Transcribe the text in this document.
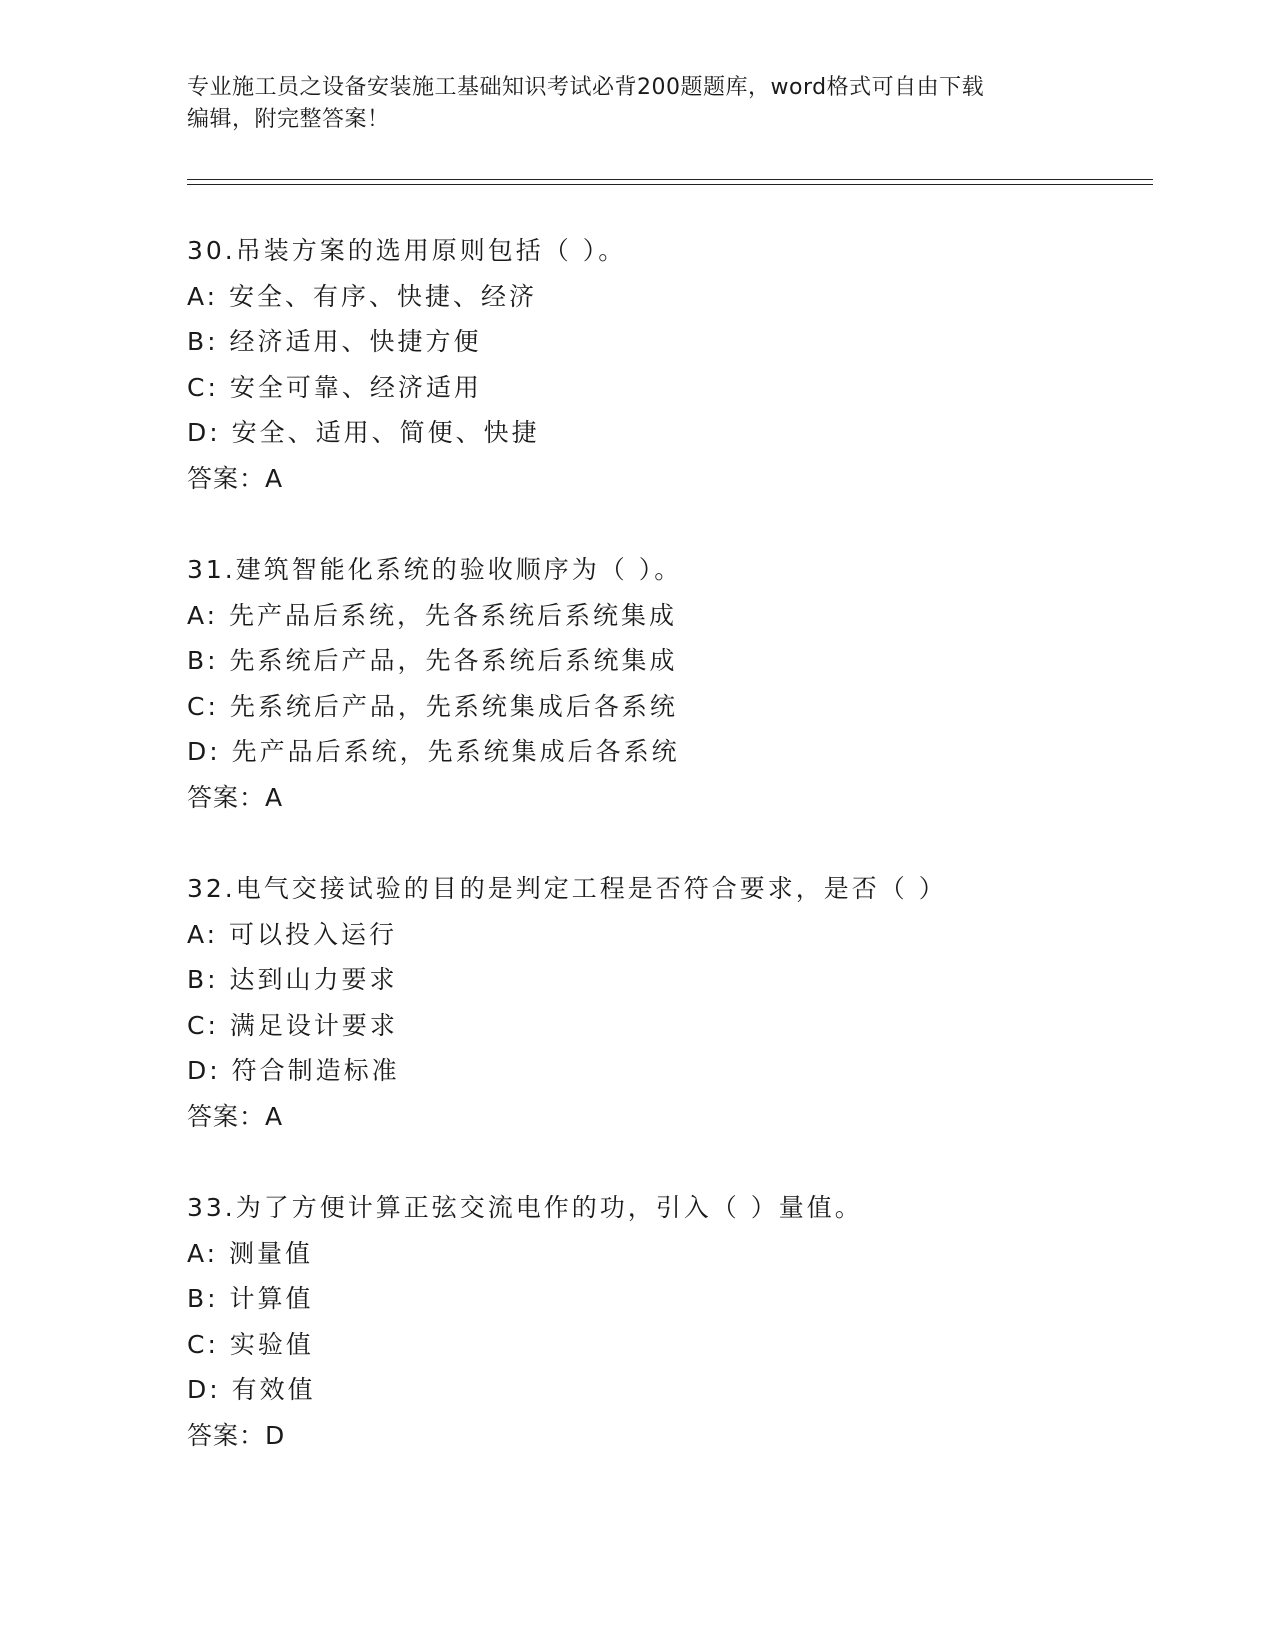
专业施工员之设备安装施工基础知识考试必背200题题库，word格式可自由下载
编辑，附完整答案！
30.吊装方案的选用原则包括（ ）。
A: 安全、有序、快捷、经济
B: 经济适用、快捷方便
C: 安全可靠、经济适用
D: 安全、适用、简便、快捷
答案：A
31.建筑智能化系统的验收顺序为（ ）。
A: 先产品后系统，先各系统后系统集成
B: 先系统后产品，先各系统后系统集成
C: 先系统后产品，先系统集成后各系统
D: 先产品后系统，先系统集成后各系统
答案：A
32.电气交接试验的目的是判定工程是否符合要求，是否（ ）
A: 可以投入运行
B: 达到山力要求
C: 满足设计要求
D: 符合制造标准
答案：A
33.为了方便计算正弦交流电作的功，引入（ ）量值。
A: 测量值
B: 计算值
C: 实验值
D: 有效值
答案：D
